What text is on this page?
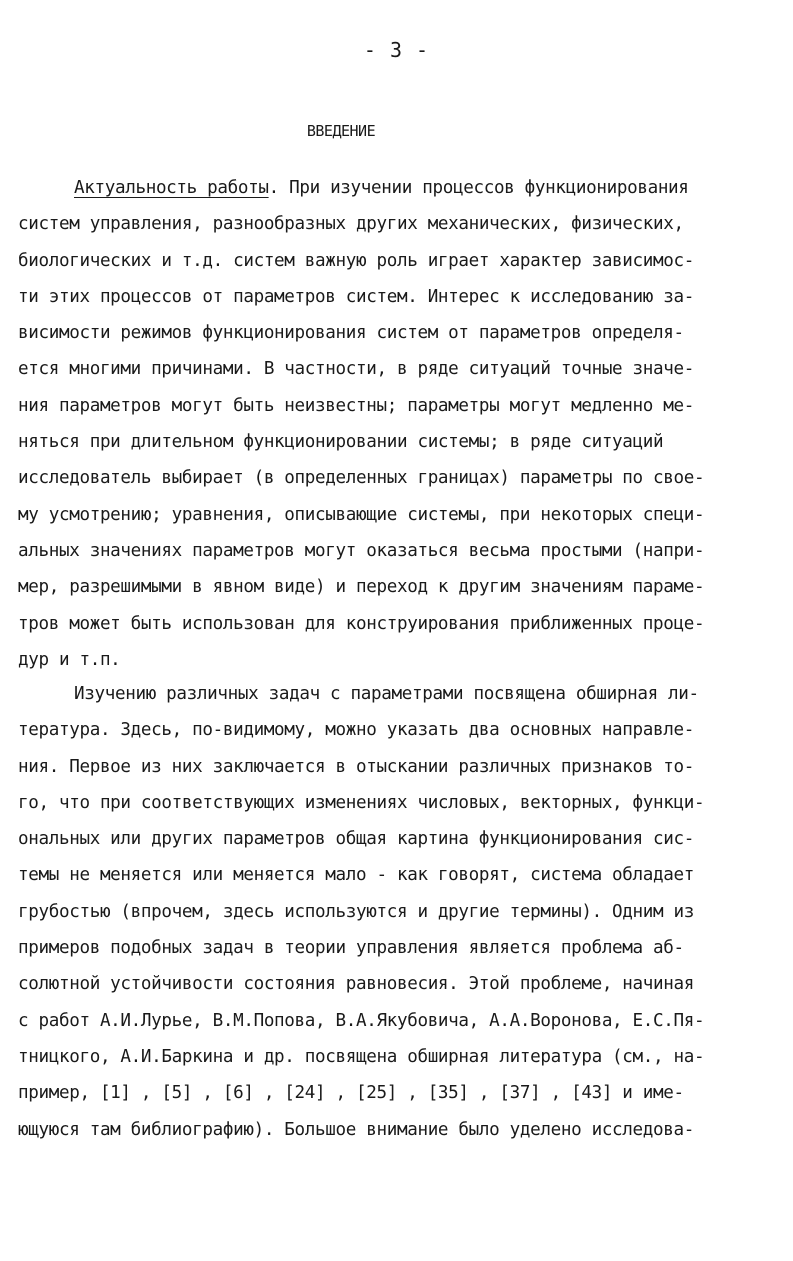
- 3 -
ВВЕДЕНИЕ
Актуальность работы. При изучении процессов функционирования
систем управления, разнообразных других механических, физических,
биологических и т.д. систем важную роль играет характер зависимос-
ти этих процессов от параметров систем. Интерес к исследованию за-
висимости режимов функционирования систем от параметров определя-
ется многими причинами. В частности, в ряде ситуаций точные значе-
ния параметров могут быть неизвестны; параметры могут медленно ме-
няться при длительном функционировании системы; в ряде ситуаций
исследователь выбирает (в определенных границах) параметры по свое-
му усмотрению; уравнения, описывающие системы, при некоторых специ-
альных значениях параметров могут оказаться весьма простыми (напри-
мер, разрешимыми в явном виде) и переход к другим значениям параме-
тров может быть использован для конструирования приближенных проце-
дур и т.п.
Изучению различных задач с параметрами посвящена обширная ли-
тература. Здесь, по-видимому, можно указать два основных направле-
ния. Первое из них заключается в отыскании различных признаков то-
го, что при соответствующих изменениях числовых, векторных, функци-
ональных или других параметров общая картина функционирования сис-
темы не меняется или меняется мало - как говорят, система обладает
грубостью (впрочем, здесь используются и другие термины). Одним из
примеров подобных задач в теории управления является проблема аб-
солютной устойчивости состояния равновесия. Этой проблеме, начиная
с работ А.И.Лурье, В.М.Попова, В.А.Якубовича, А.А.Воронова, Е.С.Пя-
тницкого, А.И.Баркина и др. посвящена обширная литература (см., на-
пример, [1] , [5] , [6] , [24] , [25] , [35] , [37] , [43] и име-
ющуюся там библиографию). Большое внимание было уделено исследова-
